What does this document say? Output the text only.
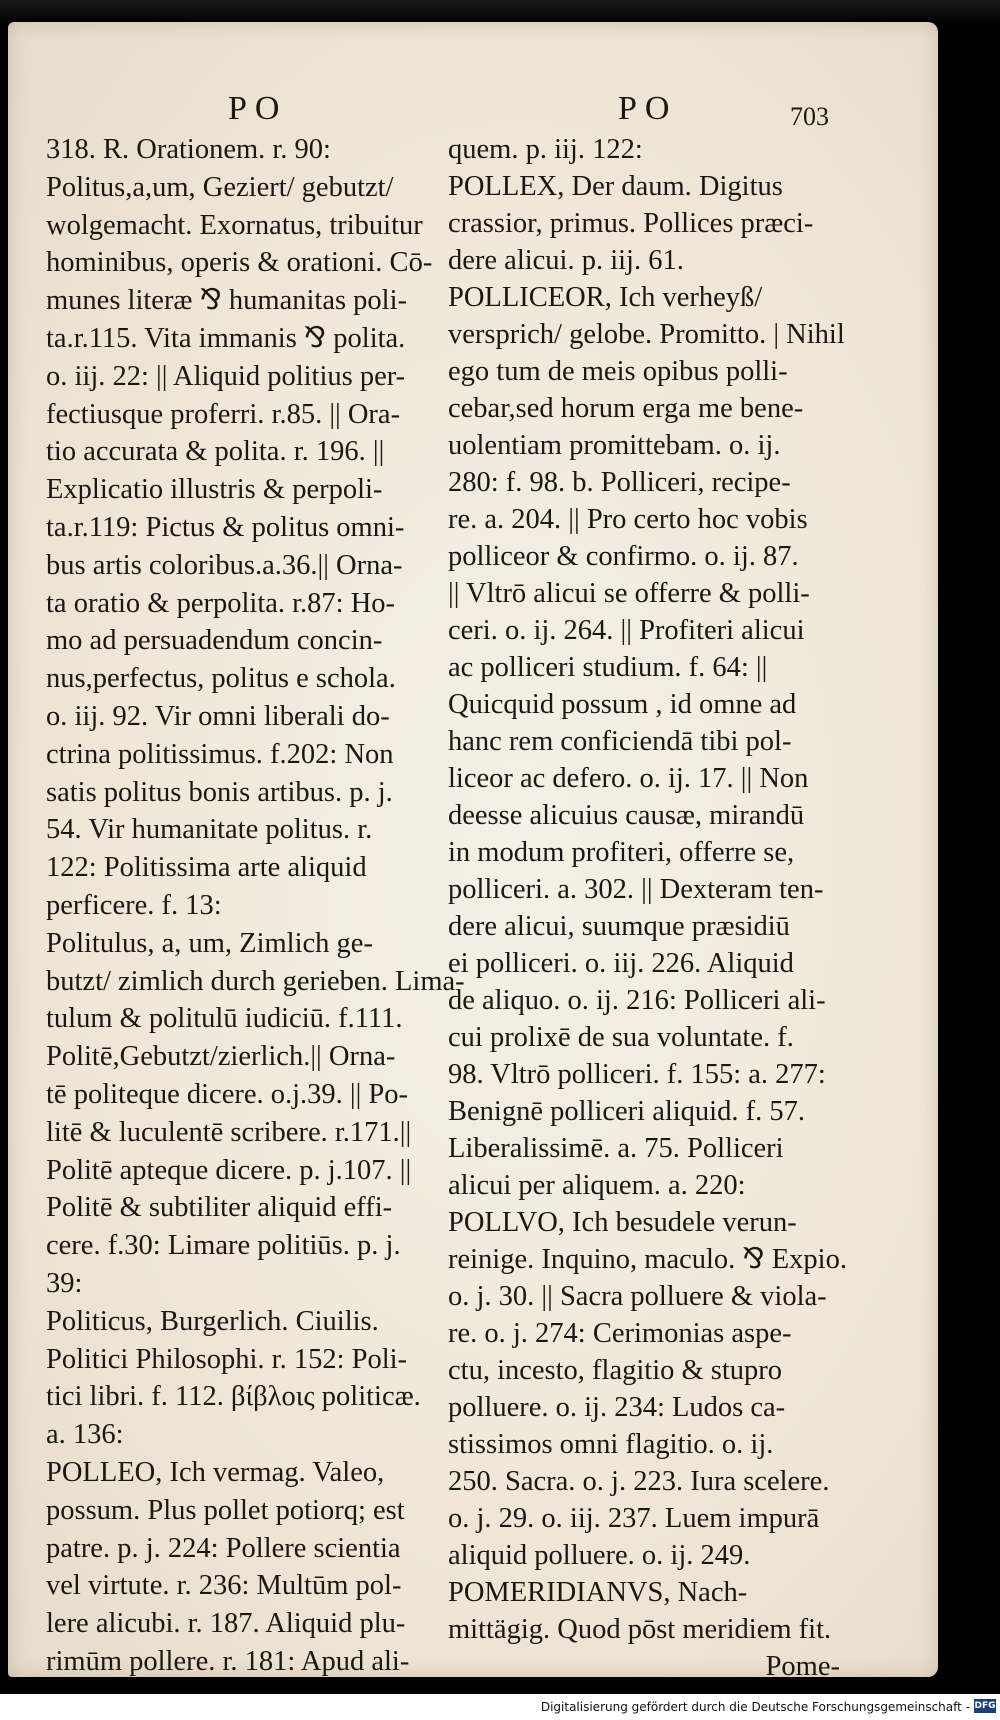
PO	PO	703
318. R. Orationem. r. 90:
Politus,a,um, Geziert/ gebutzt/
wolgemacht. Exornatus, tribuitur
hominibus, operis & orationi. Cō-
munes literæ ⅋ humanitas poli-
ta.r.115. Vita immanis ⅋ polita.
o. iij. 22: || Aliquid politius per-
fectiusque proferri. r.85. || Ora-
tio accurata & polita. r. 196. ||
Explicatio illustris & perpoli-
ta.r.119: Pictus & politus omni-
bus artis coloribus.a.36.|| Orna-
ta oratio & perpolita. r.87: Ho-
mo ad persuadendum concin-
nus,perfectus, politus e schola.
o. iij. 92. Vir omni liberali do-
ctrina politissimus. f.202: Non
satis politus bonis artibus. p. j.
54. Vir humanitate politus. r.
122: Politissima arte aliquid
perficere. f. 13:
Politulus, a, um, Zimlich ge-
butzt/ zimlich durch gerieben. Lima-
tulum & politulū iudiciū. f.111.
Politē,Gebutzt/zierlich.|| Orna-
tē politeque dicere. o.j.39. || Po-
litē & luculentē scribere. r.171.||
Politē apteque dicere. p. j.107. ||
Politē & subtiliter aliquid effi-
cere. f.30: Limare politiūs. p. j.
39:
Politicus, Burgerlich. Ciuilis.
Politici Philosophi. r. 152: Poli-
tici libri. f. 112. βίβλοις politicæ.
a. 136:
POLLEO, Ich vermag. Valeo,
possum. Plus pollet potiorq; est
patre. p. j. 224: Pollere scientia
vel virtute. r. 236: Multūm pol-
lere alicubi. r. 187. Aliquid plu-
rimūm pollere. r. 181: Apud ali-
quem. p. iij. 122:
POLLEX, Der daum. Digitus
crassior, primus. Pollices præci-
dere alicui. p. iij. 61.
POLLICEOR, Ich verheyß/
versprich/ gelobe. Promitto. | Nihil
ego tum de meis opibus polli-
cebar,sed horum erga me bene-
uolentiam promittebam. o. ij.
280: f. 98. b. Polliceri, recipe-
re. a. 204. || Pro certo hoc vobis
polliceor & confirmo. o. ij. 87.
|| Vltrō alicui se offerre & polli-
ceri. o. ij. 264. || Profiteri alicui
ac polliceri studium. f. 64: ||
Quicquid possum , id omne ad
hanc rem conficiendā tibi pol-
liceor ac defero. o. ij. 17. || Non
deesse alicuius causæ, mirandū
in modum profiteri, offerre se,
polliceri. a. 302. || Dexteram ten-
dere alicui, suumque præsidiū
ei polliceri. o. iij. 226. Aliquid
de aliquo. o. ij. 216: Polliceri ali-
cui prolixē de sua voluntate. f.
98. Vltrō polliceri. f. 155: a. 277:
Benignē polliceri aliquid. f. 57.
Liberalissimē. a. 75. Polliceri
alicui per aliquem. a. 220:
POLLVO, Ich besudele verun-
reinige. Inquino, maculo. ⅋ Expio.
o. j. 30. || Sacra polluere & viola-
re. o. j. 274: Cerimonias aspe-
ctu, incesto, flagitio & stupro
polluere. o. ij. 234: Ludos ca-
stissimos omni flagitio. o. ij.
250. Sacra. o. j. 223. Iura scelere.
o. j. 29. o. iij. 237. Luem impurā
aliquid polluere. o. ij. 249.
POMERIDIANVS, Nach-
mittägig. Quod pōst meridiem fit.
Pome-
Digitalisierung gefördert durch die Deutsche Forschungsgemeinschaft - DFG
